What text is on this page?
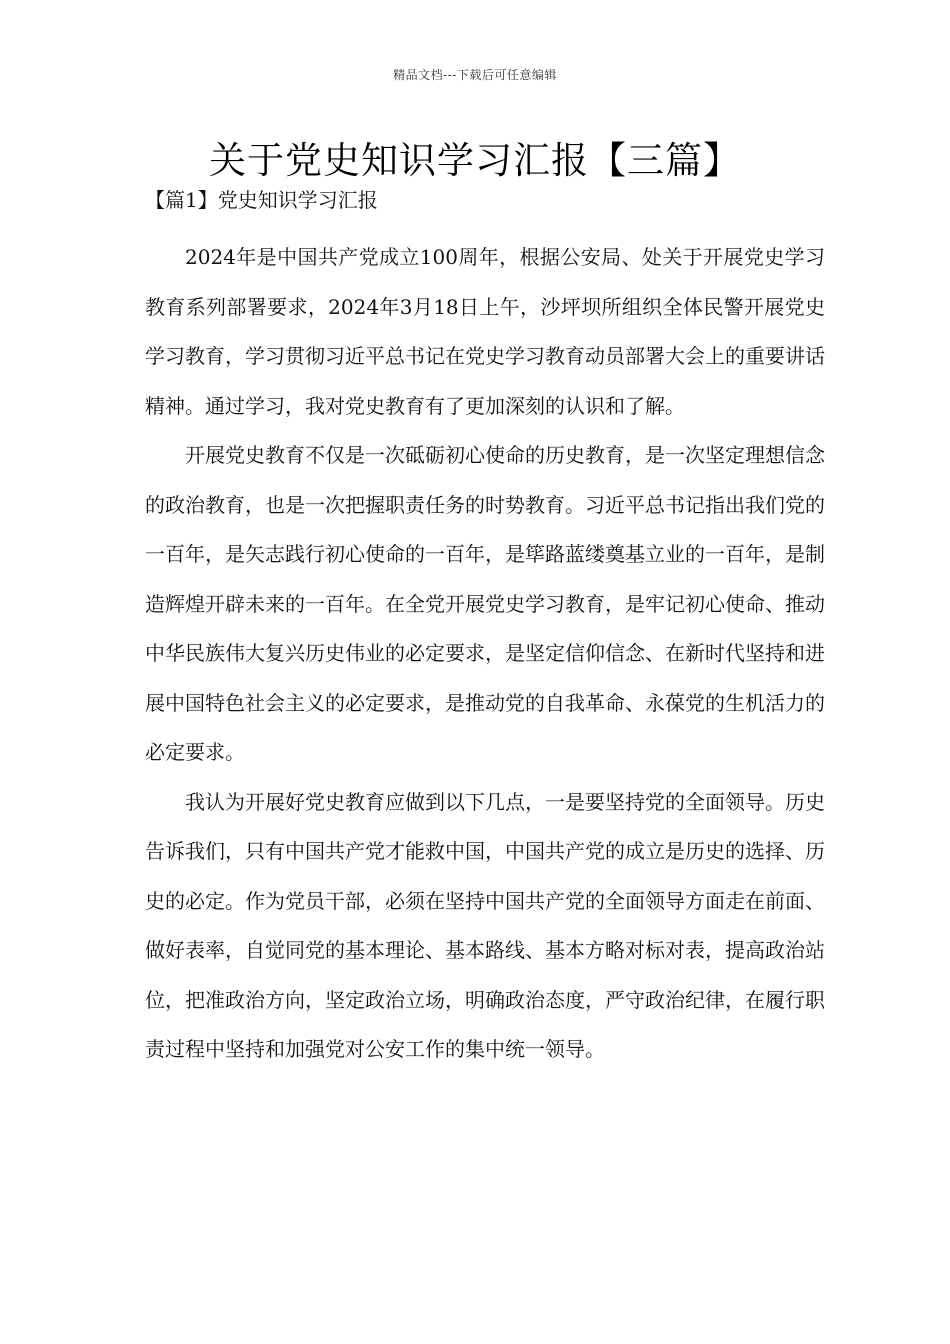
精品文档---下载后可任意编辑
关于党史知识学习汇报【三篇】
【篇1】党史知识学习汇报

2024年是中国共产党成立100周年，根据公安局、处关于开展党史学习教育系列部署要求，2024年3月18日上午，沙坪坝所组织全体民警开展党史学习教育，学习贯彻习近平总书记在党史学习教育动员部署大会上的重要讲话精神。通过学习，我对党史教育有了更加深刻的认识和了解。

开展党史教育不仅是一次砥砺初心使命的历史教育，是一次坚定理想信念的政治教育，也是一次把握职责任务的时势教育。习近平总书记指出我们党的一百年，是矢志践行初心使命的一百年，是筚路蓝缕奠基立业的一百年，是制造辉煌开辟未来的一百年。在全党开展党史学习教育，是牢记初心使命、推动中华民族伟大复兴历史伟业的必定要求，是坚定信仰信念、在新时代坚持和进展中国特色社会主义的必定要求，是推动党的自我革命、永葆党的生机活力的必定要求。

我认为开展好党史教育应做到以下几点，一是要坚持党的全面领导。历史告诉我们，只有中国共产党才能救中国，中国共产党的成立是历史的选择、历史的必定。作为党员干部，必须在坚持中国共产党的全面领导方面走在前面、做好表率，自觉同党的基本理论、基本路线、基本方略对标对表，提高政治站位，把准政治方向，坚定政治立场，明确政治态度，严守政治纪律，在履行职责过程中坚持和加强党对公安工作的集中统一领导。
